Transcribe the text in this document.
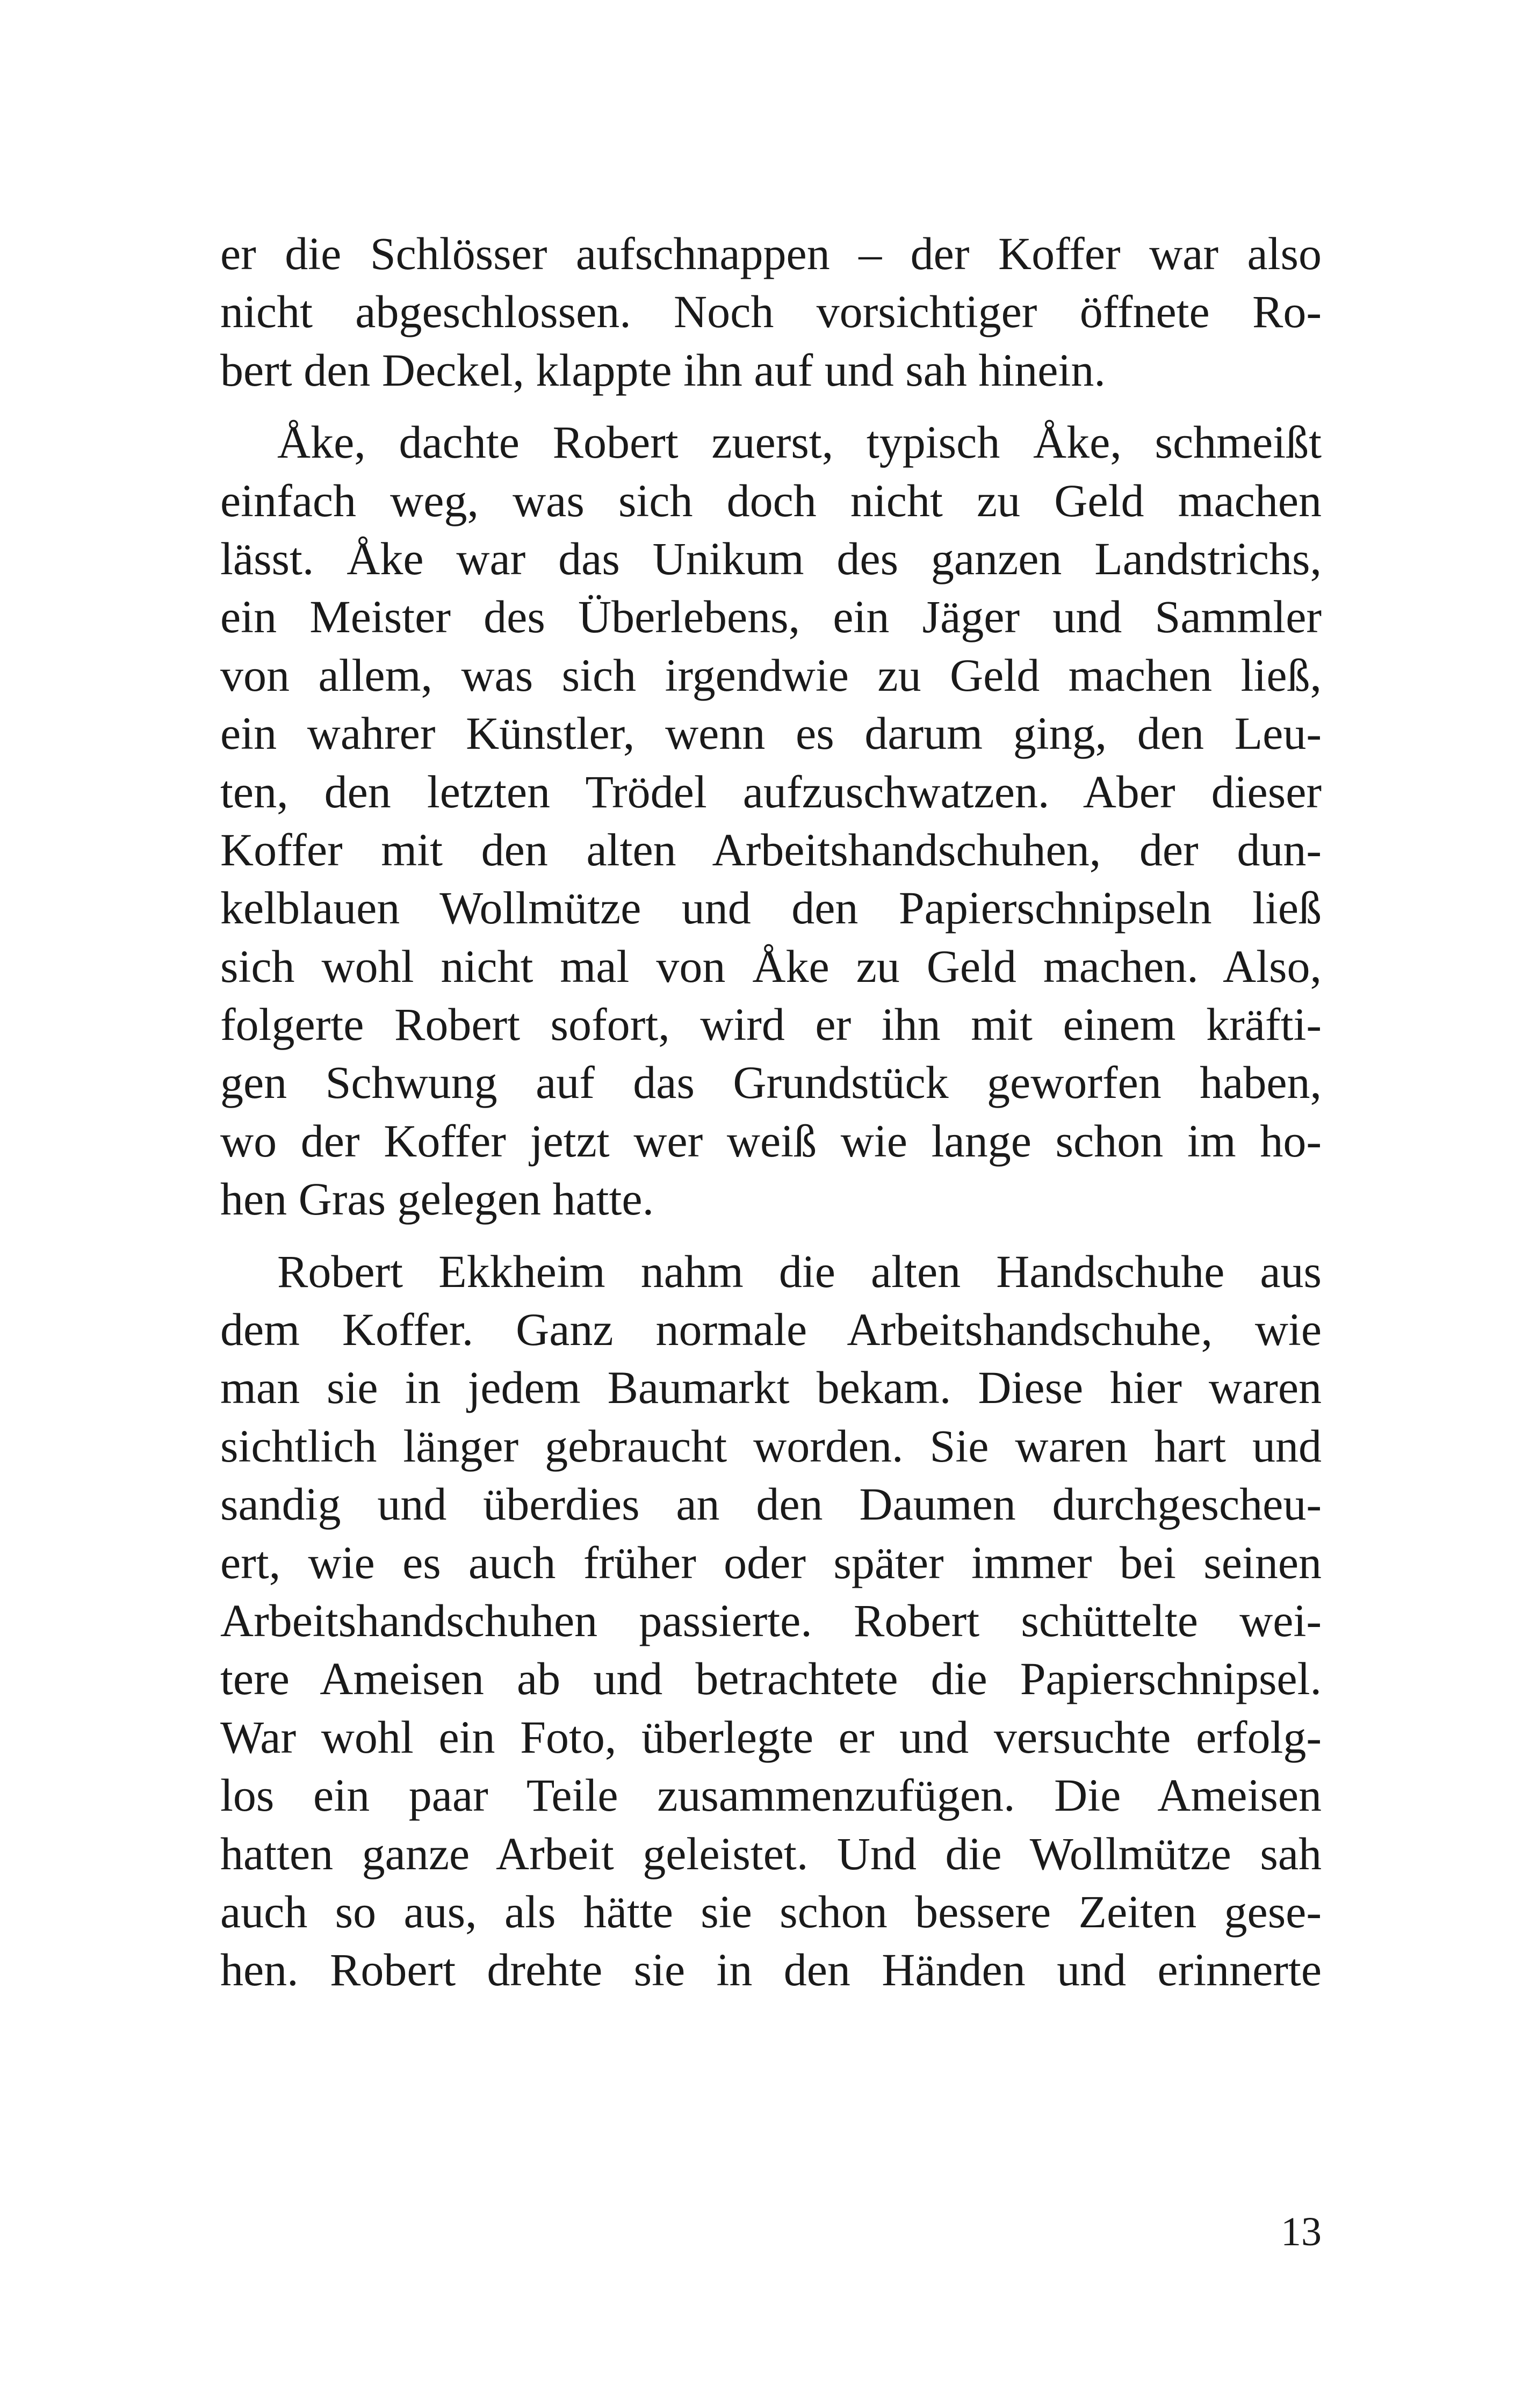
er die Schlösser aufschnappen – der Koffer war also
nicht abgeschlossen. Noch vorsichtiger öffnete Ro-
bert den Deckel, klappte ihn auf und sah hinein.
Åke, dachte Robert zuerst, typisch Åke, schmeißt
einfach weg, was sich doch nicht zu Geld machen
lässt. Åke war das Unikum des ganzen Landstrichs,
ein Meister des Überlebens, ein Jäger und Sammler
von allem, was sich irgendwie zu Geld machen ließ,
ein wahrer Künstler, wenn es darum ging, den Leu-
ten, den letzten Trödel aufzuschwatzen. Aber dieser
Koffer mit den alten Arbeitshandschuhen, der dun-
kelblauen Wollmütze und den Papierschnipseln ließ
sich wohl nicht mal von Åke zu Geld machen. Also,
folgerte Robert sofort, wird er ihn mit einem kräfti-
gen Schwung auf das Grundstück geworfen haben,
wo der Koffer jetzt wer weiß wie lange schon im ho-
hen Gras gelegen hatte.
Robert Ekkheim nahm die alten Handschuhe aus
dem Koffer. Ganz normale Arbeitshandschuhe, wie
man sie in jedem Baumarkt bekam. Diese hier waren
sichtlich länger gebraucht worden. Sie waren hart und
sandig und überdies an den Daumen durchgescheu-
ert, wie es auch früher oder später immer bei seinen
Arbeitshandschuhen passierte. Robert schüttelte wei-
tere Ameisen ab und betrachtete die Papierschnipsel.
War wohl ein Foto, überlegte er und versuchte erfolg-
los ein paar Teile zusammenzufügen. Die Ameisen
hatten ganze Arbeit geleistet. Und die Wollmütze sah
auch so aus, als hätte sie schon bessere Zeiten gese-
hen. Robert drehte sie in den Händen und erinnerte
13
